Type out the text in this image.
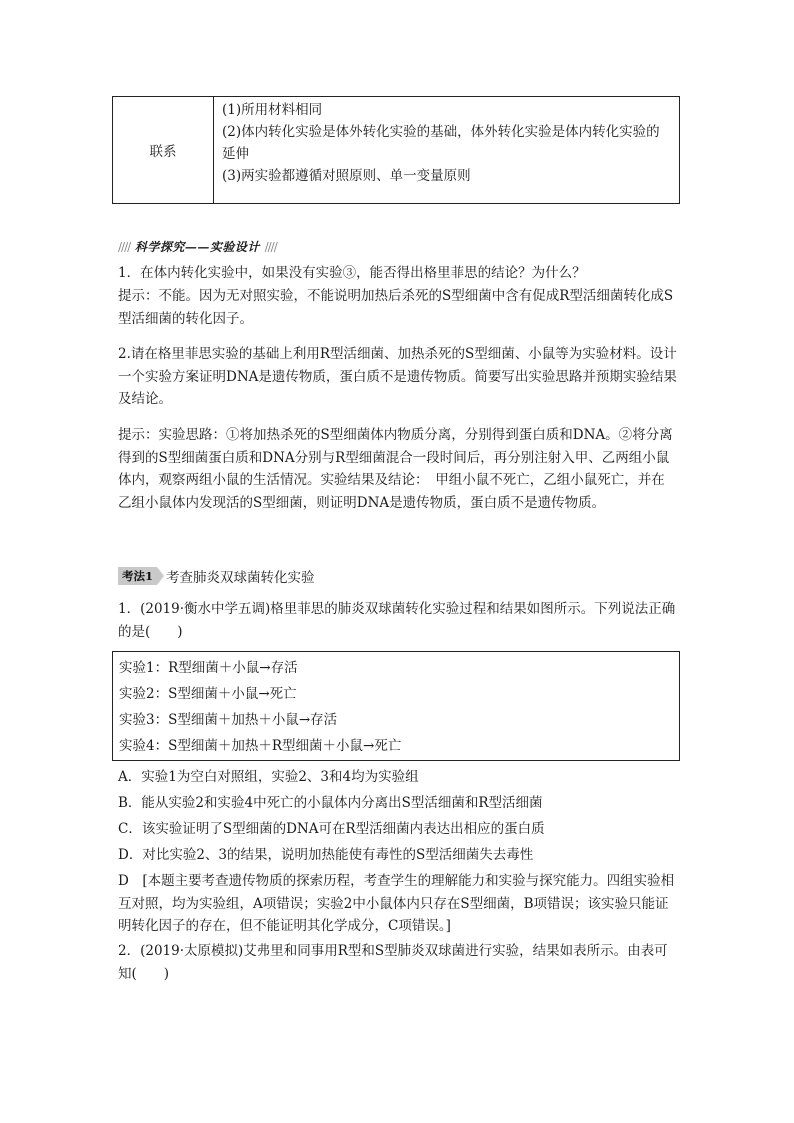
联系
(1)所用材料相同
(2)体内转化实验是体外转化实验的基础，体外转化实验是体内转化实验的延伸
(3)两实验都遵循对照原则、单一变量原则
//// 科学探究——实验设计 ////
1．在体内转化实验中，如果没有实验③，能否得出格里菲思的结论？为什么？
提示：不能。因为无对照实验，不能说明加热后杀死的S型细菌中含有促成R型活细菌转化成S型活细菌的转化因子。
2.请在格里菲思实验的基础上利用R型活细菌、加热杀死的S型细菌、小鼠等为实验材料。设计一个实验方案证明DNA是遗传物质，蛋白质不是遗传物质。简要写出实验思路并预期实验结果及结论。
提示：实验思路：①将加热杀死的S型细菌体内物质分离，分别得到蛋白质和DNA。②将分离得到的S型细菌蛋白质和DNA分别与R型细菌混合一段时间后，再分别注射入甲、乙两组小鼠体内，观察两组小鼠的生活情况。实验结果及结论：　甲组小鼠不死亡，乙组小鼠死亡，并在乙组小鼠体内发现活的S型细菌，则证明DNA是遗传物质，蛋白质不是遗传物质。
考法1 考查肺炎双球菌转化实验
1．(2019·衡水中学五调)格里菲思的肺炎双球菌转化实验过程和结果如图所示。下列说法正确的是(　　)
实验1：R型细菌＋小鼠→存活
实验2：S型细菌＋小鼠→死亡
实验3：S型细菌＋加热＋小鼠→存活
实验4：S型细菌＋加热＋R型细菌＋小鼠→死亡
A．实验1为空白对照组，实验2、3和4均为实验组
B．能从实验2和实验4中死亡的小鼠体内分离出S型活细菌和R型活细菌
C．该实验证明了S型细菌的DNA可在R型活细菌内表达出相应的蛋白质
D．对比实验2、3的结果，说明加热能使有毒性的S型活细菌失去毒性
D　[本题主要考查遗传物质的探索历程，考查学生的理解能力和实验与探究能力。四组实验相互对照，均为实验组，A项错误；实验2中小鼠体内只存在S型细菌，B项错误；该实验只能证明转化因子的存在，但不能证明其化学成分，C项错误。]
2．(2019·太原模拟)艾弗里和同事用R型和S型肺炎双球菌进行实验，结果如表所示。由表可知(　　)
